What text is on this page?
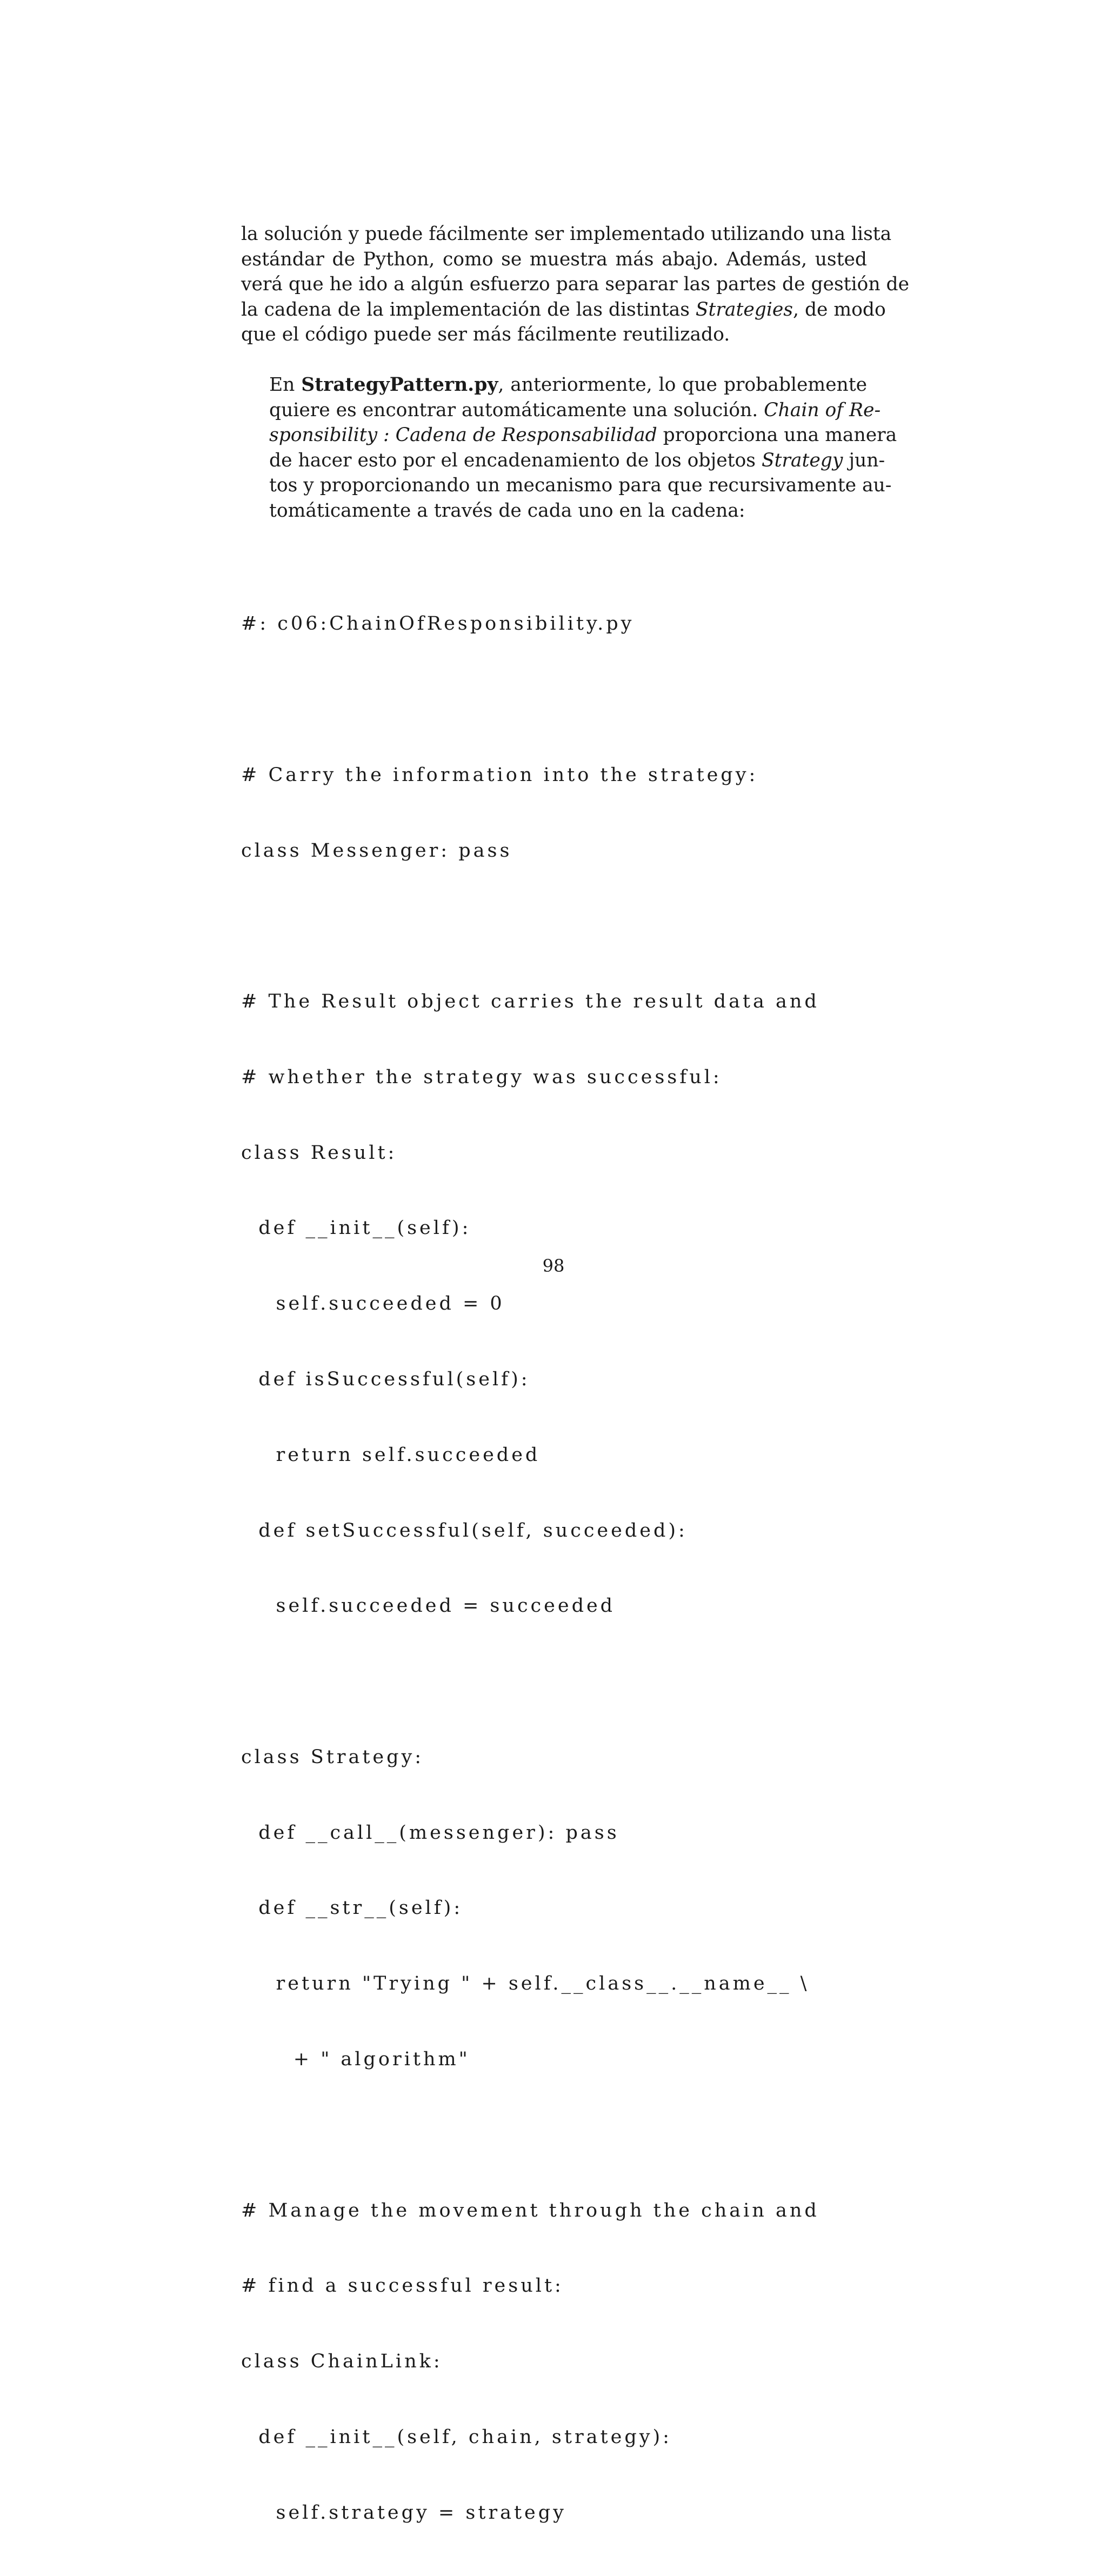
la solución y puede fácilmente ser implementado utilizando una lista
estándar de Python, como se muestra más abajo. Además, usted
verá que he ido a algún esfuerzo para separar las partes de gestión de
la cadena de la implementación de las distintas Strategies, de modo
que el código puede ser más fácilmente reutilizado.
En StrategyPattern.py, anteriormente, lo que probablemente
quiere es encontrar automáticamente una solución. Chain of Re-
sponsibility : Cadena de Responsabilidad proporciona una manera
de hacer esto por el encadenamiento de los objetos Strategy jun-
tos y proporcionando un mecanismo para que recursivamente au-
tomáticamente a través de cada uno en la cadena:

#: c06:ChainOfResponsibility.py

# Carry the information into the strategy:

class Messenger: pass

# The Result object carries the result data and

# whether the strategy was successful:

class Result:

def __init__(self):

self.succeeded = 0

def isSuccessful(self):

return self.succeeded

def setSuccessful(self, succeeded):

self.succeeded = succeeded

class Strategy:

def __call__(messenger): pass

def __str__(self):

return "Trying " + self.__class__.__name__ \

+ " algorithm"

# Manage the movement through the chain and

# find a successful result:

class ChainLink:

def __init__(self, chain, strategy):

self.strategy = strategy

98
